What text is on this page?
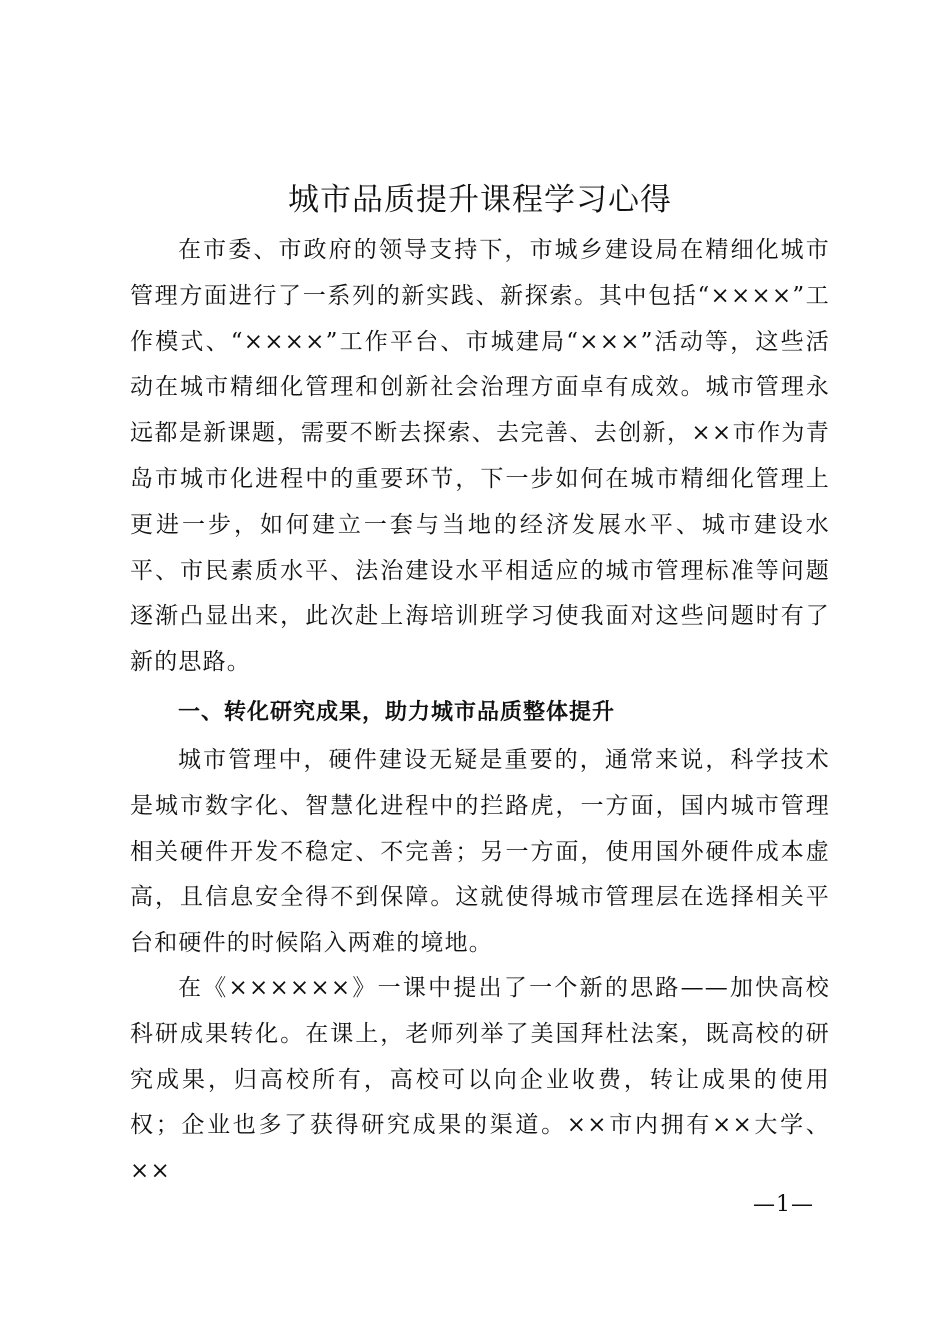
城市品质提升课程学习心得

在市委、市政府的领导支持下，市城乡建设局在精细化城市管理方面进行了一系列的新实践、新探索。其中包括“××××”工作模式、“××××”工作平台、市城建局“×××”活动等，这些活动在城市精细化管理和创新社会治理方面卓有成效。城市管理永远都是新课题，需要不断去探索、去完善、去创新，××市作为青岛市城市化进程中的重要环节，下一步如何在城市精细化管理上更进一步，如何建立一套与当地的经济发展水平、城市建设水平、市民素质水平、法治建设水平相适应的城市管理标准等问题逐渐凸显出来，此次赴上海培训班学习使我面对这些问题时有了新的思路。

一、转化研究成果，助力城市品质整体提升

城市管理中，硬件建设无疑是重要的，通常来说，科学技术是城市数字化、智慧化进程中的拦路虎，一方面，国内城市管理相关硬件开发不稳定、不完善；另一方面，使用国外硬件成本虚高，且信息安全得不到保障。这就使得城市管理层在选择相关平台和硬件的时候陷入两难的境地。

在《××××××》一课中提出了一个新的思路——加快高校科研成果转化。在课上，老师列举了美国拜杜法案，既高校的研究成果，归高校所有，高校可以向企业收费，转让成果的使用权；企业也多了获得研究成果的渠道。××市内拥有××大学、××

—1—
